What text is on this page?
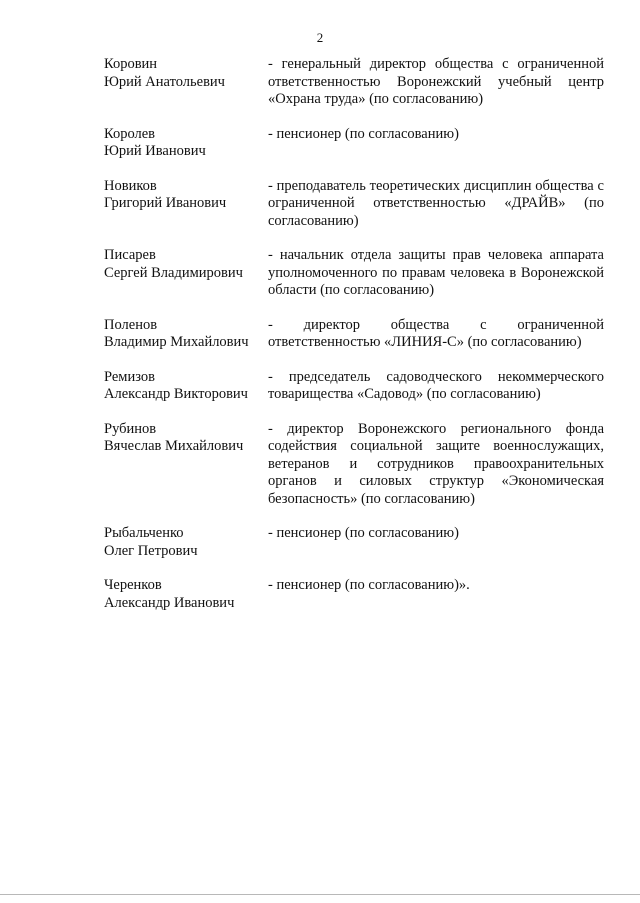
2
Коровин
Юрий Анатольевич
- генеральный директор общества с ограниченной ответственностью Воронежский учебный центр «Охрана труда» (по согласованию)
Королев
Юрий Иванович
- пенсионер (по согласованию)
Новиков
Григорий Иванович
- преподаватель теоретических дисциплин общества с ограниченной ответственностью «ДРАЙВ» (по согласованию)
Писарев
Сергей Владимирович
- начальник отдела защиты прав человека аппарата уполномоченного по правам человека в Воронежской области (по согласованию)
Поленов
Владимир Михайлович
- директор общества с ограниченной ответственностью «ЛИНИЯ-С» (по согласованию)
Ремизов
Александр Викторович
- председатель садоводческого некоммерческого товарищества «Садовод» (по согласованию)
Рубинов
Вячеслав Михайлович
- директор Воронежского регионального фонда содействия социальной защите военнослужащих, ветеранов и сотрудников правоохранительных органов и силовых структур «Экономическая безопасность» (по согласованию)
Рыбальченко
Олег Петрович
- пенсионер (по согласованию)
Черенков
Александр Иванович
- пенсионер (по согласованию)».
